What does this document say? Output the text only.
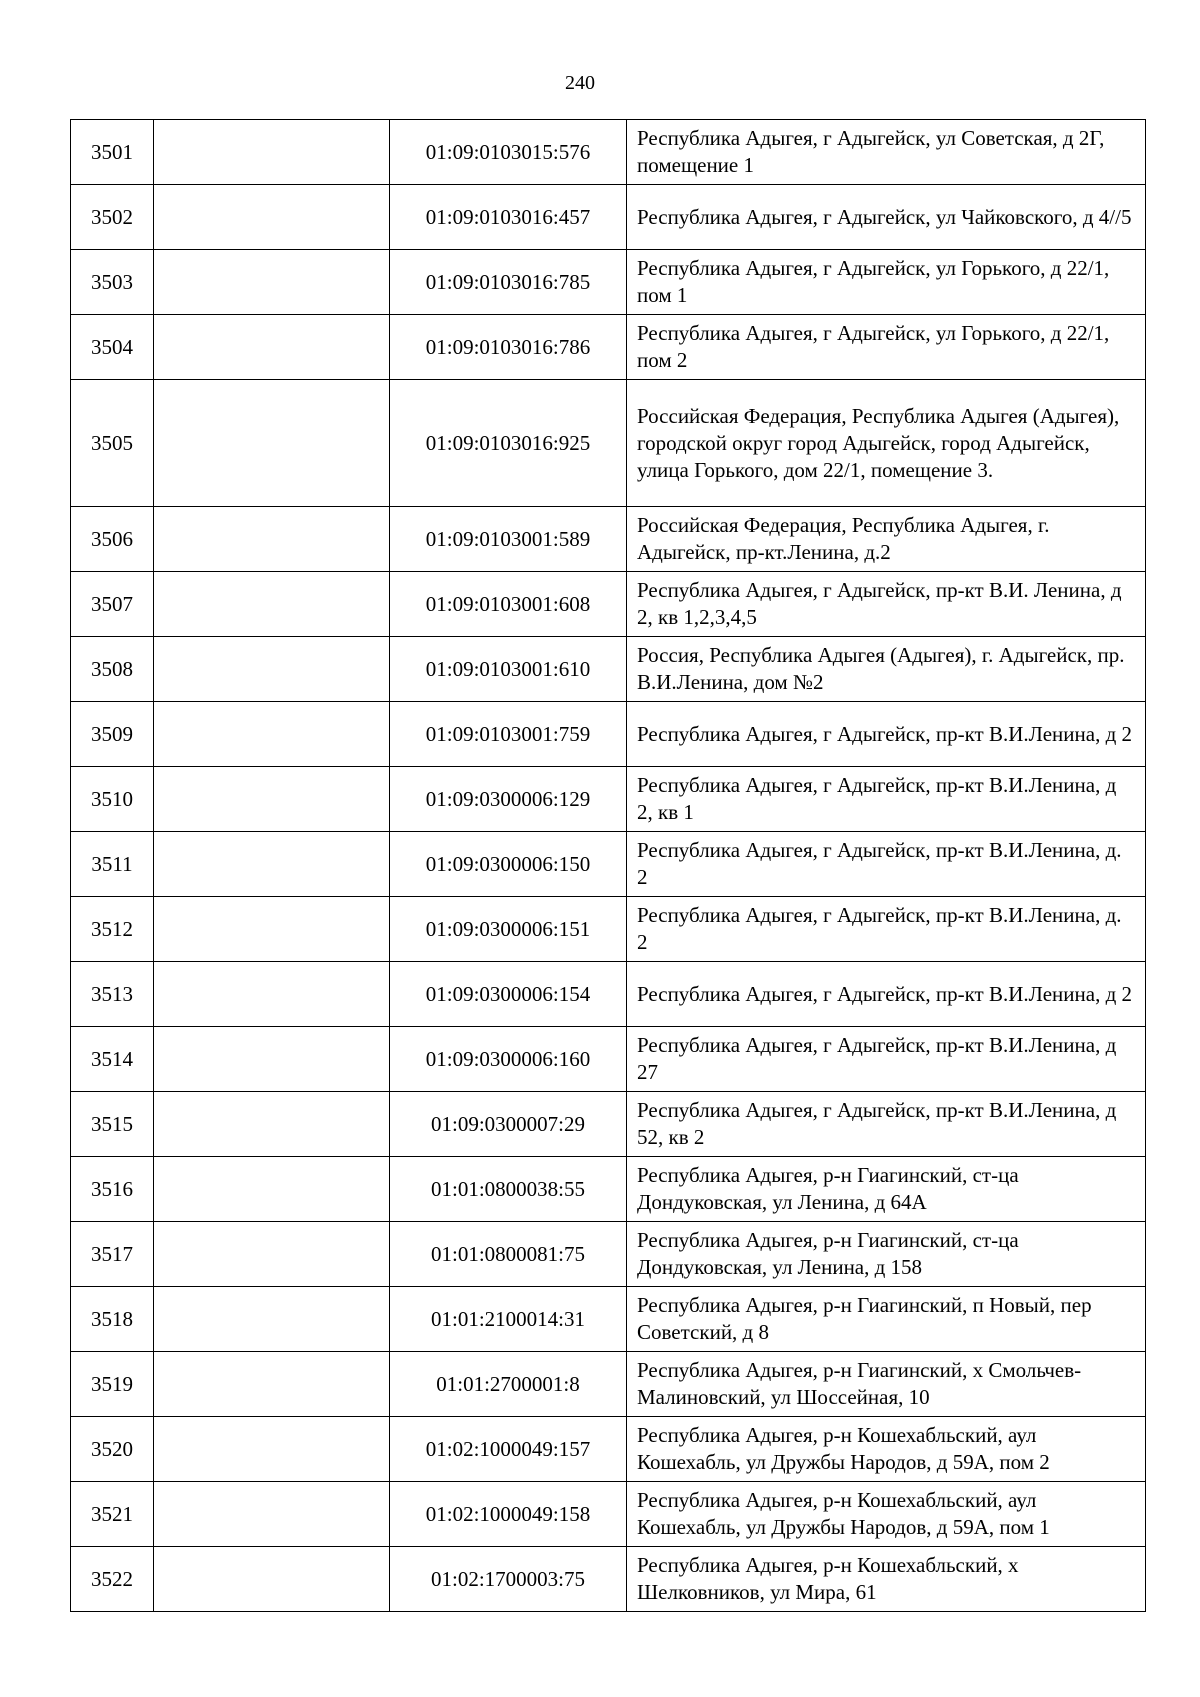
240
3501		01:09:0103015:576	Республика Адыгея, г Адыгейск, ул Советская, д 2Г, помещение 1
3502		01:09:0103016:457	Республика Адыгея, г Адыгейск, ул Чайковского, д 4//5
3503		01:09:0103016:785	Республика Адыгея, г Адыгейск, ул Горького, д 22/1, пом 1
3504		01:09:0103016:786	Республика Адыгея, г Адыгейск, ул Горького, д 22/1, пом 2
3505		01:09:0103016:925	Российская Федерация, Республика Адыгея (Адыгея), городской округ город Адыгейск, город Адыгейск, улица Горького, дом 22/1, помещение 3.
3506		01:09:0103001:589	Российская Федерация, Республика Адыгея, г. Адыгейск, пр-кт.Ленина, д.2
3507		01:09:0103001:608	Республика Адыгея, г Адыгейск, пр-кт В.И. Ленина, д 2, кв 1,2,3,4,5
3508		01:09:0103001:610	Россия, Республика Адыгея (Адыгея), г. Адыгейск, пр. В.И.Ленина, дом №2
3509		01:09:0103001:759	Республика Адыгея, г Адыгейск, пр-кт В.И.Ленина, д 2
3510		01:09:0300006:129	Республика Адыгея, г Адыгейск, пр-кт В.И.Ленина, д 2, кв 1
3511		01:09:0300006:150	Республика Адыгея, г Адыгейск, пр-кт В.И.Ленина, д. 2
3512		01:09:0300006:151	Республика Адыгея, г Адыгейск, пр-кт В.И.Ленина, д. 2
3513		01:09:0300006:154	Республика Адыгея, г Адыгейск, пр-кт В.И.Ленина, д 2
3514		01:09:0300006:160	Республика Адыгея, г Адыгейск, пр-кт В.И.Ленина, д 27
3515		01:09:0300007:29	Республика Адыгея, г Адыгейск, пр-кт В.И.Ленина, д 52, кв 2
3516		01:01:0800038:55	Республика Адыгея, р-н Гиагинский, ст-ца Дондуковская, ул Ленина, д 64А
3517		01:01:0800081:75	Республика Адыгея, р-н Гиагинский, ст-ца Дондуковская, ул Ленина, д 158
3518		01:01:2100014:31	Республика Адыгея, р-н Гиагинский, п Новый, пер Советский, д 8
3519		01:01:2700001:8	Республика Адыгея, р-н Гиагинский, х Смольчев-Малиновский, ул Шоссейная, 10
3520		01:02:1000049:157	Республика Адыгея, р-н Кошехабльский, аул Кошехабль, ул Дружбы Народов, д 59А, пом 2
3521		01:02:1000049:158	Республика Адыгея, р-н Кошехабльский, аул Кошехабль, ул Дружбы Народов, д 59А, пом 1
3522		01:02:1700003:75	Республика Адыгея, р-н Кошехабльский, х Шелковников, ул Мира, 61
